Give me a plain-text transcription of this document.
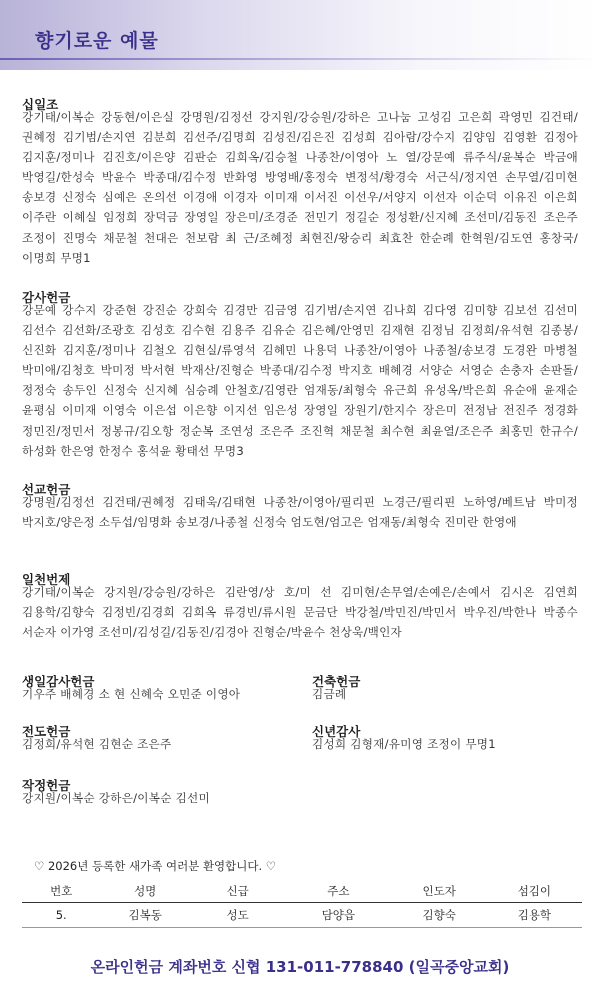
향기로운 예물
십일조
강기태/이복순 강동현/이은실 강명원/김정선 강지원/강승원/강하은 고나눔 고성김 고은희 곽영민 김건태/권혜정 김기범/손지연 김분희 김선주/김명희 김성진/김은진 김성희 김아람/강수지 김양임 김영환 김정아 김지훈/정미나 김진호/이은양 김판순 김희옥/김승철 나종찬/이영아 노 열/강문예 류주식/윤복순 박금애 박영길/한성숙 박윤수 박종대/김수정 반화영 방영배/홍정숙 변정석/황경숙 서근식/정지연 손무열/김미현 송보경 신정숙 심예은 온의선 이경애 이경자 이미재 이서진 이선우/서양지 이선자 이순덕 이유진 이은희 이주란 이혜실 임정희 장덕금 장영일 장은미/조경준 전민기 정길순 정성환/신지혜 조선미/김동진 조은주 조정이 진명숙 채문철 천대은 천보람 최 근/조혜정 최현진/왕승리 최효찬 한순례 한혁원/김도연 홍창국/이명희 무명1
감사헌금
강문예 강수지 강준현 강진순 강희숙 김경만 김금영 김기범/손지연 김나희 김다영 김미향 김보선 김선미 김선수 김선화/조광호 김성호 김수현 김용주 김유순 김은혜/안영민 김재현 김정님 김정희/유석현 김종봉/신진화 김지훈/정미나 김철오 김현실/류영석 김혜민 나용덕 나종찬/이영아 나종철/송보경 도경완 마병철 박미애/김청호 박미정 박서현 박재산/진형순 박종대/김수정 박지호 배혜경 서양순 서영순 손충자 손판돌/정정숙 송두인 신정숙 신지혜 심승례 안철호/김영란 엄재동/최형숙 유근희 유성옥/박은희 유순애 윤재순 윤평심 이미재 이영숙 이은섭 이은향 이지선 임은성 장영일 장원기/한지수 장은미 전정남 전진주 정경화 정민진/정민서 정봉규/김오항 정순복 조연성 조은주 조진혁 채문철 최수현 최윤열/조은주 최홍민 한규수/하성화 한은영 한정수 홍석윤 황태선 무명3
선교헌금
강명원/김정선 김건태/권혜정 김태욱/김태현 나종찬/이영아/필리핀 노경근/필리핀 노하영/베트남 박미정 박지호/양은정 소두섭/임명화 송보경/나종철 신정숙 엄도현/엄고은 엄재동/최형숙 진미란 한영애
일천번제
강기태/이복순 강지원/강승원/강하은 김란영/상 호/미 선 김미현/손무열/손예은/손예서 김시온 김연희 김용학/김향숙 김정빈/김경희 김희옥 류경빈/류시원 문금단 박강철/박민진/박민서 박우진/박한나 박종수 서순자 이가영 조선미/김성길/김동진/김경아 진형순/박윤수 천상욱/백인자
생일감사헌금
기우주 배혜경 소 현 신혜숙 오민준 이영아
건축헌금
김금례
전도헌금
김정희/유석현 김현순 조은주
신년감사
김성희 김형재/유미영 조정이 무명1
작정헌금
강지원/이복순 강하은/이복순 김선미
♡ 2026년 등록한 새가족 여러분 환영합니다. ♡
번호	성명	신급	주소	인도자	섬김이
5.	김복동	성도	담양읍	김향숙	김용학
온라인헌금 계좌번호 신협 131-011-778840 (일곡중앙교회)
